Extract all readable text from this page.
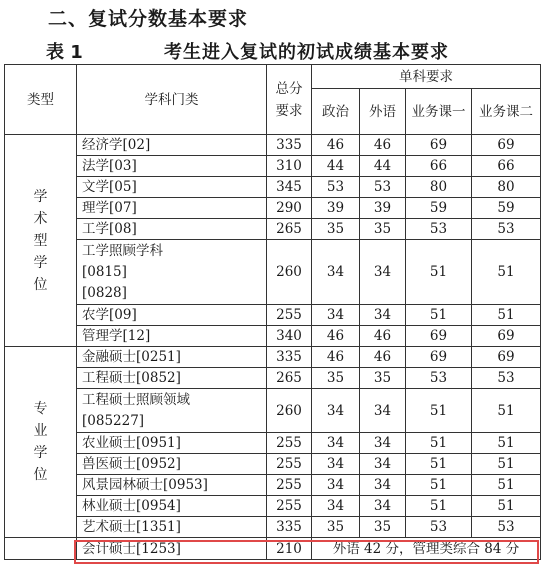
二、复试分数基本要求
表 1	考生进入复试的初试成绩基本要求
类型	学科门类	总分要求	单科要求			
			政治	外语	业务课一	业务课二
学术型学位	经济学[02]	335	46	46	69	69
	法学[03]	310	44	44	66	66
	文学[05]	345	53	53	80	80
	理学[07]	290	39	39	59	59
	工学[08]	265	35	35	53	53

	工学照顾学科
[0815]
[0828]	260	34	34	51	51
	农学[09]	255	34	34	51	51
	管理学[12]	340	46	46	69	69
专业学位	金融硕士[0251]	335	46	46	69	69
	工程硕士[0852]	265	35	35	53	53

	工程硕士照顾领域
[085227]	260	34	34	51	51
	农业硕士[0951]	255	34	34	51	51
	兽医硕士[0952]	255	34	34	51	51
	风景园林硕士[0953]	255	34	34	51	51
	林业硕士[0954]	255	34	34	51	51
	艺术硕士[1351]	335	35	35	53	53
	会计硕士[1253]	210	外语 42 分，管理类综合 84 分			
